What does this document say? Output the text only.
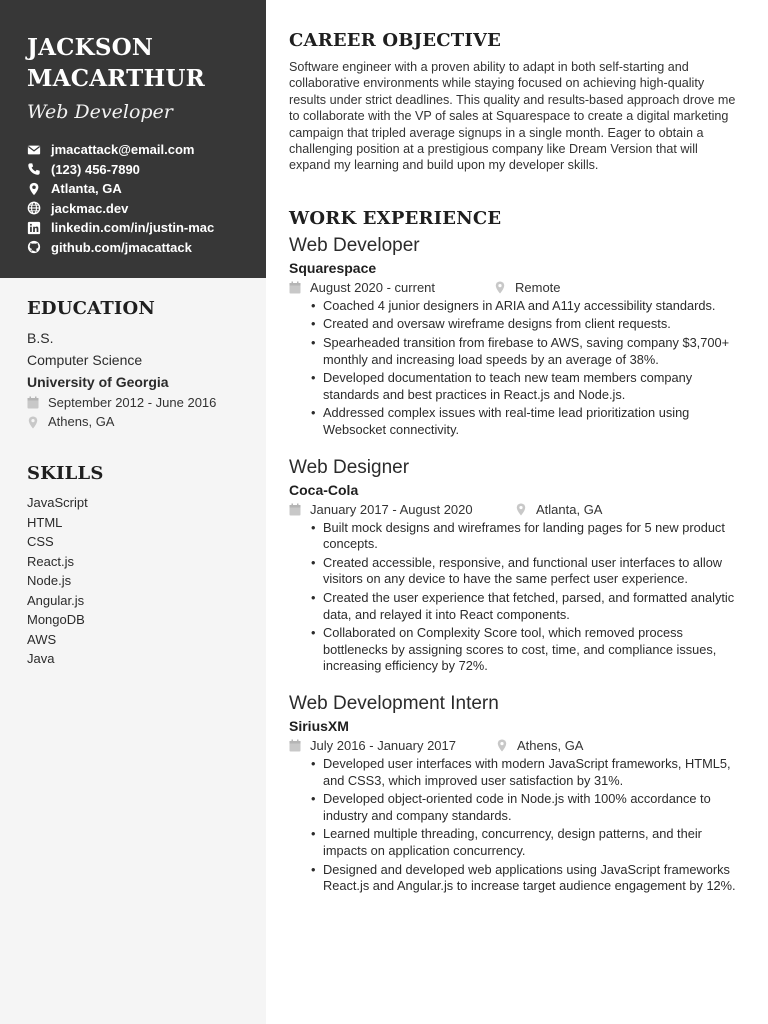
JACKSON
MACARTHUR
Web Developer
jmacattack@email.com
(123) 456-7890
Atlanta, GA
jackmac.dev
linkedin.com/in/justin-mac
github.com/jmacattack
EDUCATION
B.S.
Computer Science
University of Georgia
September 2012 - June 2016
Athens, GA
SKILLS
JavaScript
HTML
CSS
React.js
Node.js
Angular.js
MongoDB
AWS
Java
CAREER OBJECTIVE

Software engineer with a proven ability to adapt in both self-starting and collaborative environments while staying focused on achieving high-quality results under strict deadlines. This quality and results-based approach drove me to collaborate with the VP of sales at Squarespace to create a digital marketing campaign that tripled average signups in a single month. Eager to obtain a challenging position at a prestigious company like Dream Version that will expand my learning and build upon my developer skills.

WORK EXPERIENCE
Web Developer
Squarespace
August 2020 - current	Remote
• Coached 4 junior designers in ARIA and A11y accessibility standards.
• Created and oversaw wireframe designs from client requests.
• Spearheaded transition from firebase to AWS, saving company $3,700+ monthly and increasing load speeds by an average of 38%.
• Developed documentation to teach new team members company standards and best practices in React.js and Node.js.
• Addressed complex issues with real-time lead prioritization using Websocket connectivity.
Web Designer
Coca-Cola
January 2017 - August 2020	Atlanta, GA
• Built mock designs and wireframes for landing pages for 5 new product concepts.
• Created accessible, responsive, and functional user interfaces to allow visitors on any device to have the same perfect user experience.
• Created the user experience that fetched, parsed, and formatted analytic data, and relayed it into React components.
• Collaborated on Complexity Score tool, which removed process bottlenecks by assigning scores to cost, time, and compliance issues, increasing efficiency by 72%.
Web Development Intern
SiriusXM
July 2016 - January 2017	Athens, GA
• Developed user interfaces with modern JavaScript frameworks, HTML5, and CSS3, which improved user satisfaction by 31%.
• Developed object-oriented code in Node.js with 100% accordance to industry and company standards.
• Learned multiple threading, concurrency, design patterns, and their impacts on application concurrency.
• Designed and developed web applications using JavaScript frameworks React.js and Angular.js to increase target audience engagement by 12%.
